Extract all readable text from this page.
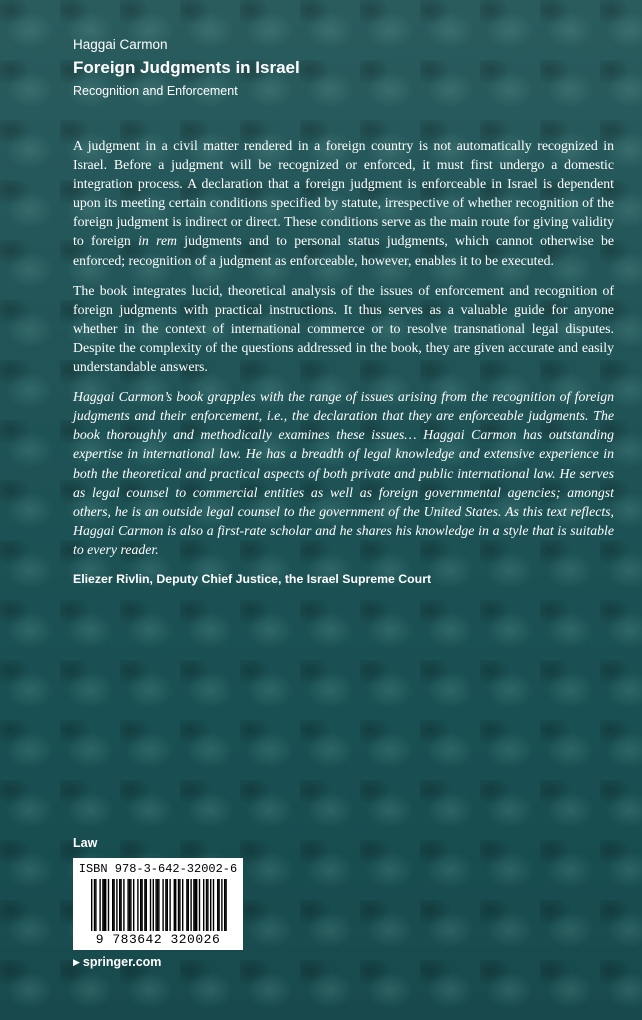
Haggai Carmon
Foreign Judgments in Israel
Recognition and Enforcement

A judgment in a civil matter rendered in a foreign country is not automatically recognized in Israel. Before a judgment will be recognized or enforced, it must first undergo a domestic integration process. A declaration that a foreign judgment is enforceable in Israel is dependent upon its meeting certain conditions specified by statute, irrespective of whether recognition of the foreign judgment is indirect or direct. These conditions serve as the main route for giving validity to foreign in rem judgments and to personal status judgments, which cannot otherwise be enforced; recognition of a judgment as enforceable, however, enables it to be executed.

The book integrates lucid, theoretical analysis of the issues of enforcement and recognition of foreign judgments with practical instructions. It thus serves as a valuable guide for anyone whether in the context of international commerce or to resolve transnational legal disputes. Despite the complexity of the questions addressed in the book, they are given accurate and easily understandable answers.

Haggai Carmon’s book grapples with the range of issues arising from the recognition of foreign judgments and their enforcement, i.e., the declaration that they are enforceable judgments. The book thoroughly and methodically examines these issues… Haggai Carmon has outstanding expertise in international law. He has a breadth of legal knowledge and extensive experience in both the theoretical and practical aspects of both private and public international law. He serves as legal counsel to commercial entities as well as foreign governmental agencies; amongst others, he is an outside legal counsel to the government of the United States. As this text reflects, Haggai Carmon is also a first-rate scholar and he shares his knowledge in a style that is suitable to every reader.

Eliezer Rivlin, Deputy Chief Justice, the Israel Supreme Court
Law
ISBN 978-3-642-32002-6
9 783642 320026
▶ springer.com
